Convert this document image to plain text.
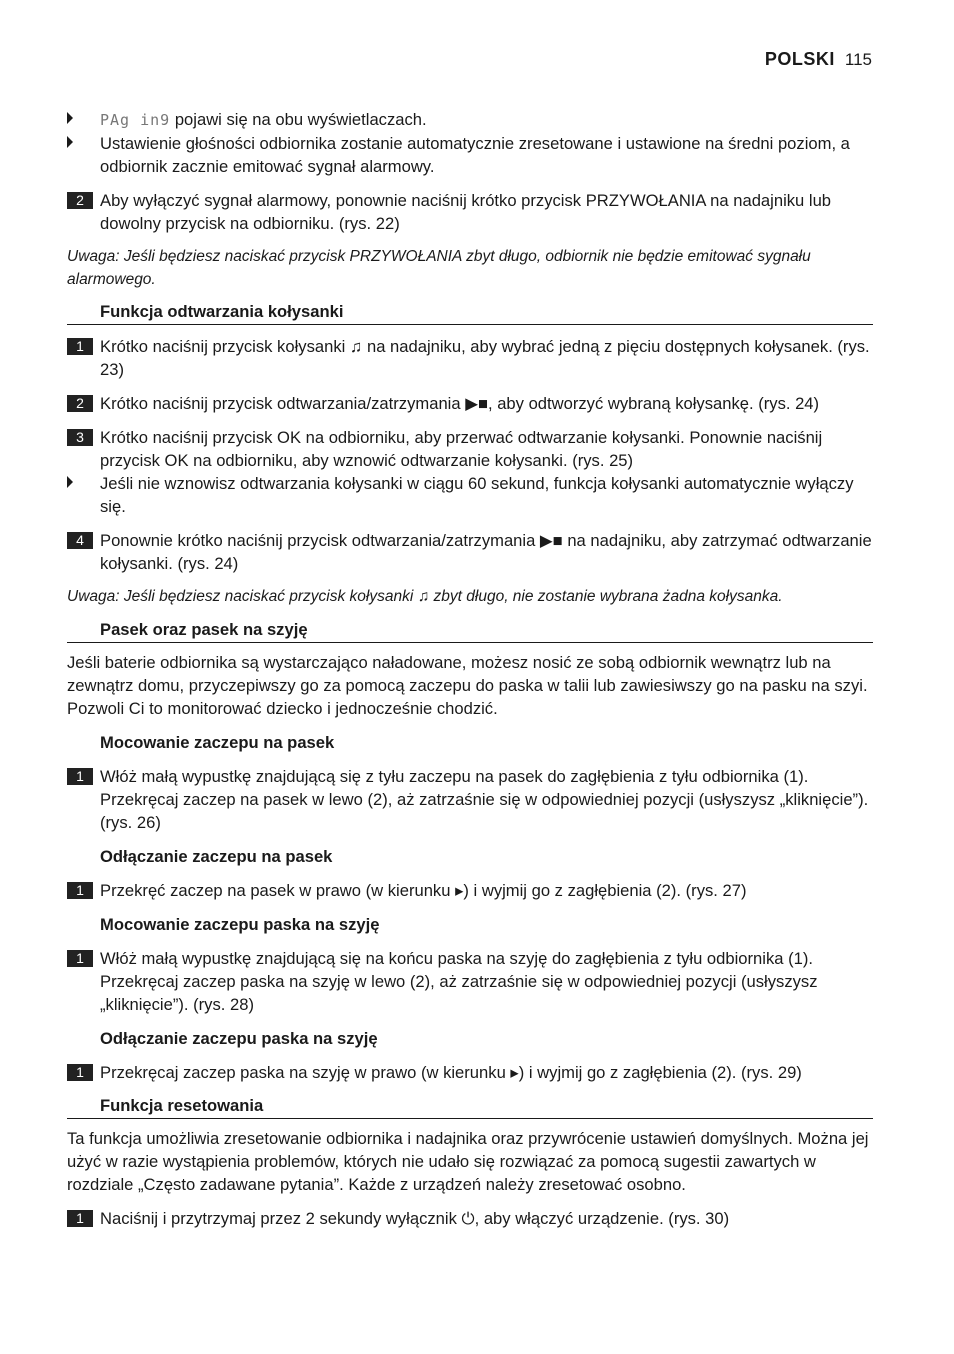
POLSKI 115
PAg in9 pojawi się na obu wyświetlaczach.
Ustawienie głośności odbiornika zostanie automatycznie zresetowane i ustawione na średni poziom, a odbiornik zacznie emitować sygnał alarmowy.
2 Aby wyłączyć sygnał alarmowy, ponownie naciśnij krótko przycisk PRZYWOŁANIA na nadajniku lub dowolny przycisk na odbiorniku. (rys. 22)
Uwaga: Jeśli będziesz naciskać przycisk PRZYWOŁANIA zbyt długo, odbiornik nie będzie emitować sygnału alarmowego.
Funkcja odtwarzania kołysanki
1 Krótko naciśnij przycisk kołysanki ♫ na nadajniku, aby wybrać jedną z pięciu dostępnych kołysanek. (rys. 23)
2 Krótko naciśnij przycisk odtwarzania/zatrzymania ▶■, aby odtworzyć wybraną kołysankę. (rys. 24)
3 Krótko naciśnij przycisk OK na odbiorniku, aby przerwać odtwarzanie kołysanki. Ponownie naciśnij przycisk OK na odbiorniku, aby wznowić odtwarzanie kołysanki. (rys. 25)
Jeśli nie wznowisz odtwarzania kołysanki w ciągu 60 sekund, funkcja kołysanki automatycznie wyłączy się.
4 Ponownie krótko naciśnij przycisk odtwarzania/zatrzymania ▶■ na nadajniku, aby zatrzymać odtwarzanie kołysanki. (rys. 24)
Uwaga: Jeśli będziesz naciskać przycisk kołysanki ♫ zbyt długo, nie zostanie wybrana żadna kołysanka.
Pasek oraz pasek na szyję
Jeśli baterie odbiornika są wystarczająco naładowane, możesz nosić ze sobą odbiornik wewnątrz lub na zewnątrz domu, przyczepiwszy go za pomocą zaczepu do paska w talii lub zawiesiwszy go na pasku na szyi. Pozwoli Ci to monitorować dziecko i jednocześnie chodzić.
Mocowanie zaczepu na pasek
1 Włóż małą wypustkę znajdującą się z tyłu zaczepu na pasek do zagłębienia z tyłu odbiornika (1). Przekręcaj zaczep na pasek w lewo (2), aż zatrzaśnie się w odpowiedniej pozycji (usłyszysz „kliknięcie”). (rys. 26)
Odłączanie zaczepu na pasek
1 Przekręć zaczep na pasek w prawo (w kierunku ▸) i wyjmij go z zagłębienia (2). (rys. 27)
Mocowanie zaczepu paska na szyję
1 Włóż małą wypustkę znajdującą się na końcu paska na szyję do zagłębienia z tyłu odbiornika (1). Przekręcaj zaczep paska na szyję w lewo (2), aż zatrzaśnie się w odpowiedniej pozycji (usłyszysz „kliknięcie”). (rys. 28)
Odłączanie zaczepu paska na szyję
1 Przekręcaj zaczep paska na szyję w prawo (w kierunku ▸) i wyjmij go z zagłębienia (2). (rys. 29)
Funkcja resetowania
Ta funkcja umożliwia zresetowanie odbiornika i nadajnika oraz przywrócenie ustawień domyślnych. Można jej użyć w razie wystąpienia problemów, których nie udało się rozwiązać za pomocą sugestii zawartych w rozdziale „Często zadawane pytania”. Każde z urządzeń należy zresetować osobno.
1 Naciśnij i przytrzymaj przez 2 sekundy wyłącznik ⏻, aby włączyć urządzenie. (rys. 30)
